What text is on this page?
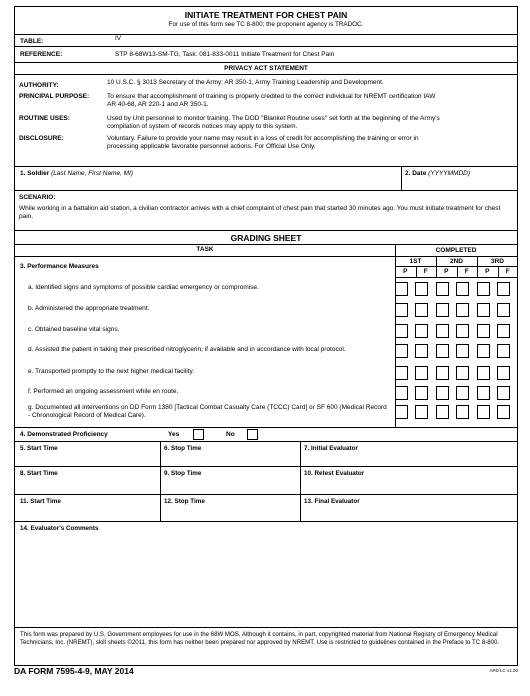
INITIATE TREATMENT FOR CHEST PAIN
For use of this form see TC 8-800; the proponent agency is TRADOC.
TABLE:	IV
REFERENCE:	STP 8-68W13-SM-TG, Task: 081-833-0011 Initiate Treatment for Chest Pain
PRIVACY ACT STATEMENT
AUTHORITY:	10 U.S.C. § 3013 Secretary of the Army; AR 350-1, Army Training Leadership and Development.
PRINCIPAL PURPOSE:	To ensure that accomplishment of training is properly credited to the correct individual for NREMT certification IAW AR 40-68, AR 220-1 and AR 350-1.
ROUTINE USES:	Used by Unit personnel to monitor training. The DOD "Blanket Routine uses" set forth at the beginning of the Army's compilation of system of records notices may apply to this system.
DISCLOSURE:	Voluntary. Failure to provide your name may result in a loss of credit for accomplishing the training or error in processing applicable favorable personnel actions. For Official Use Only.
1. Soldier (Last Name, First Name, MI)	2. Date (YYYYMMDD)
SCENARIO:
While working in a battalion aid station, a civilian contractor arrives with a chief complaint of chest pain that started 30 minutes ago. You must initiate treatment for chest pain.
GRADING SHEET
TASK
3. Performance Measures
COMPLETED
1ST	2ND	3RD
P	F	P	F	P	F
a. Identified signs and symptoms of possible cardiac emergency or compromise.
b. Administered the appropriate treatment.
c. Obtained baseline vital signs.
d. Assisted the patient in taking their prescribed nitroglycerin, if available and in accordance with local protocol.
e. Transported promptly to the next higher medical facility.
f. Performed an ongoing assessment while en route.
g. Documented all interventions on DD Form 1380 [Tactical Combat Casualty Care (TCCC) Card] or SF 600 (Medical Record - Chronological Record of Medical Care).
4. Demonstrated Proficiency	Yes	No
5. Start Time	6. Stop Time	7. Initial Evaluator
8. Start Time	9. Stop Time	10. Retest Evaluator
11. Start Time	12. Stop Time	13. Final Evaluator
14. Evaluator's Comments
This form was prepared by U.S. Government employees for use in the 68W MOS. Although it contains, in part, copyrighted material from National Registry of Emergency Medical Technicians, Inc. (NREMT), skill sheets ©2011, this form has neither been prepared nor approved by NREMT. Use is restricted to guidelines contained in the Preface to TC 8-800.
DA FORM 7595-4-9, MAY 2014	APD LC v1.00
